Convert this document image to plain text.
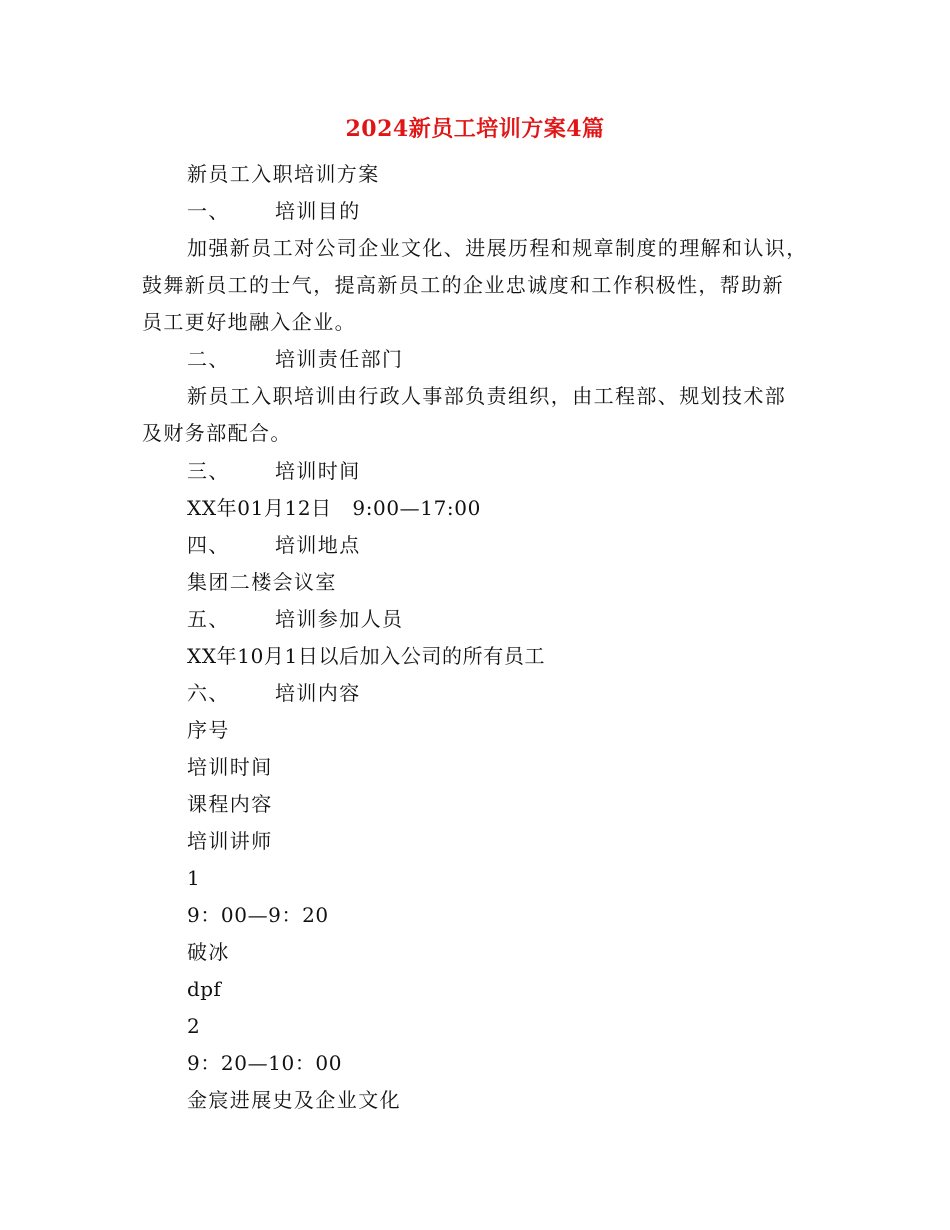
2024新员工培训方案4篇
新员工入职培训方案
一、 培训目的
加强新员工对公司企业文化、进展历程和规章制度的理解和认识，
鼓舞新员工的士气，提高新员工的企业忠诚度和工作积极性，帮助新
员工更好地融入企业。
二、 培训责任部门
新员工入职培训由行政人事部负责组织，由工程部、规划技术部
及财务部配合。
三、 培训时间
XX年01月12日　9:00—17:00
四、 培训地点
集团二楼会议室
五、 培训参加人员
XX年10月1日以后加入公司的所有员工
六、 培训内容
序号
培训时间
课程内容
培训讲师
1
9：00—9：20
破冰
dpf
2
9：20—10：00
金宸进展史及企业文化
